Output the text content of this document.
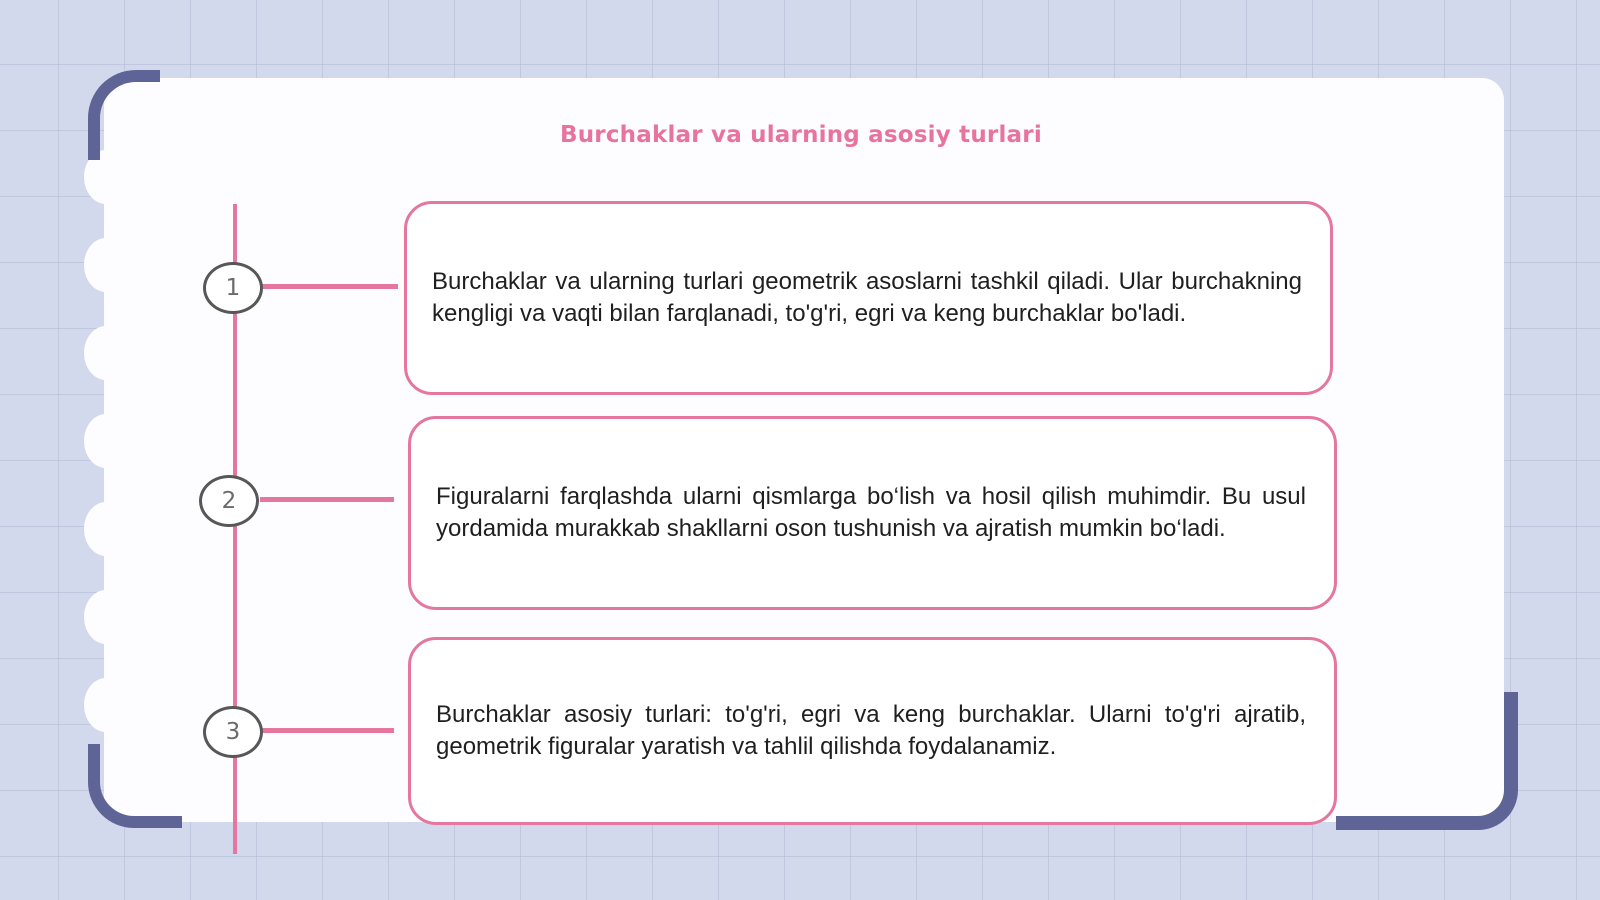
Burchaklar va ularning asosiy turlari
1	Burchaklar va ularning turlari geometrik asoslarni tashkil qiladi. Ular burchakning kengligi va vaqti bilan farqlanadi, to'g'ri, egri va keng burchaklar bo'ladi.

2	Figuralarni farqlashda ularni qismlarga bo‘lish va hosil qilish muhimdir. Bu usul yordamida murakkab shakllarni oson tushunish va ajratish mumkin bo‘ladi.

3

Burchaklar asosiy turlari: to'g'ri, egri va keng burchaklar. Ularni to'g'ri ajratib, geometrik figuralar yaratish va tahlil qilishda foydalanamiz.
